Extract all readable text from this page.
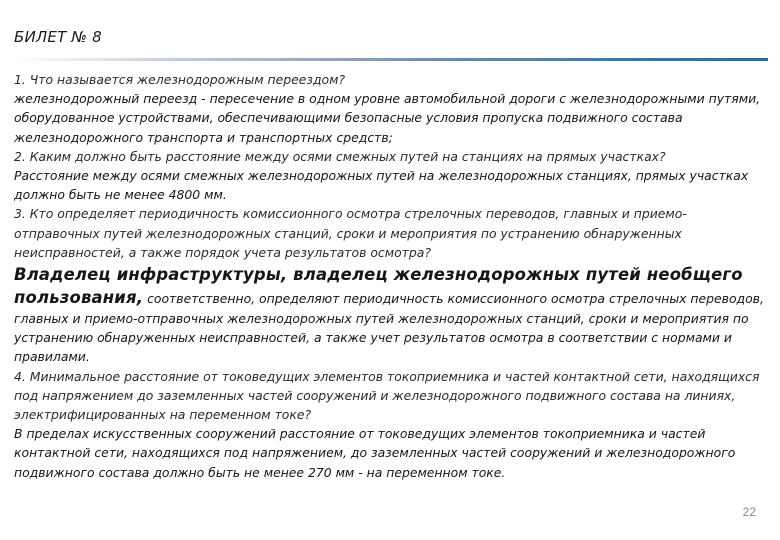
БИЛЕТ № 8

1. Что называется железнодорожным переездом?

железнодорожный переезд - пересечение в одном уровне автомобильной дороги с железнодорожными путями, оборудованное устройствами, обеспечивающими безопасные условия пропуска подвижного состава железнодорожного транспорта и транспортных средств;

2. Каким должно быть расстояние между осями смежных путей на станциях на прямых участках?

Расстояние между осями смежных железнодорожных путей на железнодорожных станциях, прямых участках должно быть не менее 4800 мм.

3. Кто определяет периодичность комиссионного осмотра стрелочных переводов, главных и приемо-отправочных путей железнодорожных станций, сроки и мероприятия по устранению обнаруженных неисправностей, а также порядок учета результатов осмотра?

Владелец инфраструктуры, владелец железнодорожных путей необщего пользования, соответственно, определяют периодичность комиссионного осмотра стрелочных переводов, главных и приемо-отправочных железнодорожных путей железнодорожных станций, сроки и мероприятия по устранению обнаруженных неисправностей, а также учет результатов осмотра в соответствии с нормами и правилами.

4. Минимальное расстояние от токоведущих элементов токоприемника и частей контактной сети, находящихся под напряжением до заземленных частей сооружений и железнодорожного подвижного состава на линиях, электрифицированных на переменном токе?

В пределах искусственных сооружений расстояние от токоведущих элементов токоприемника и частей контактной сети, находящихся под напряжением, до заземленных частей сооружений и железнодорожного подвижного состава должно быть не менее 270 мм - на переменном токе.

22
